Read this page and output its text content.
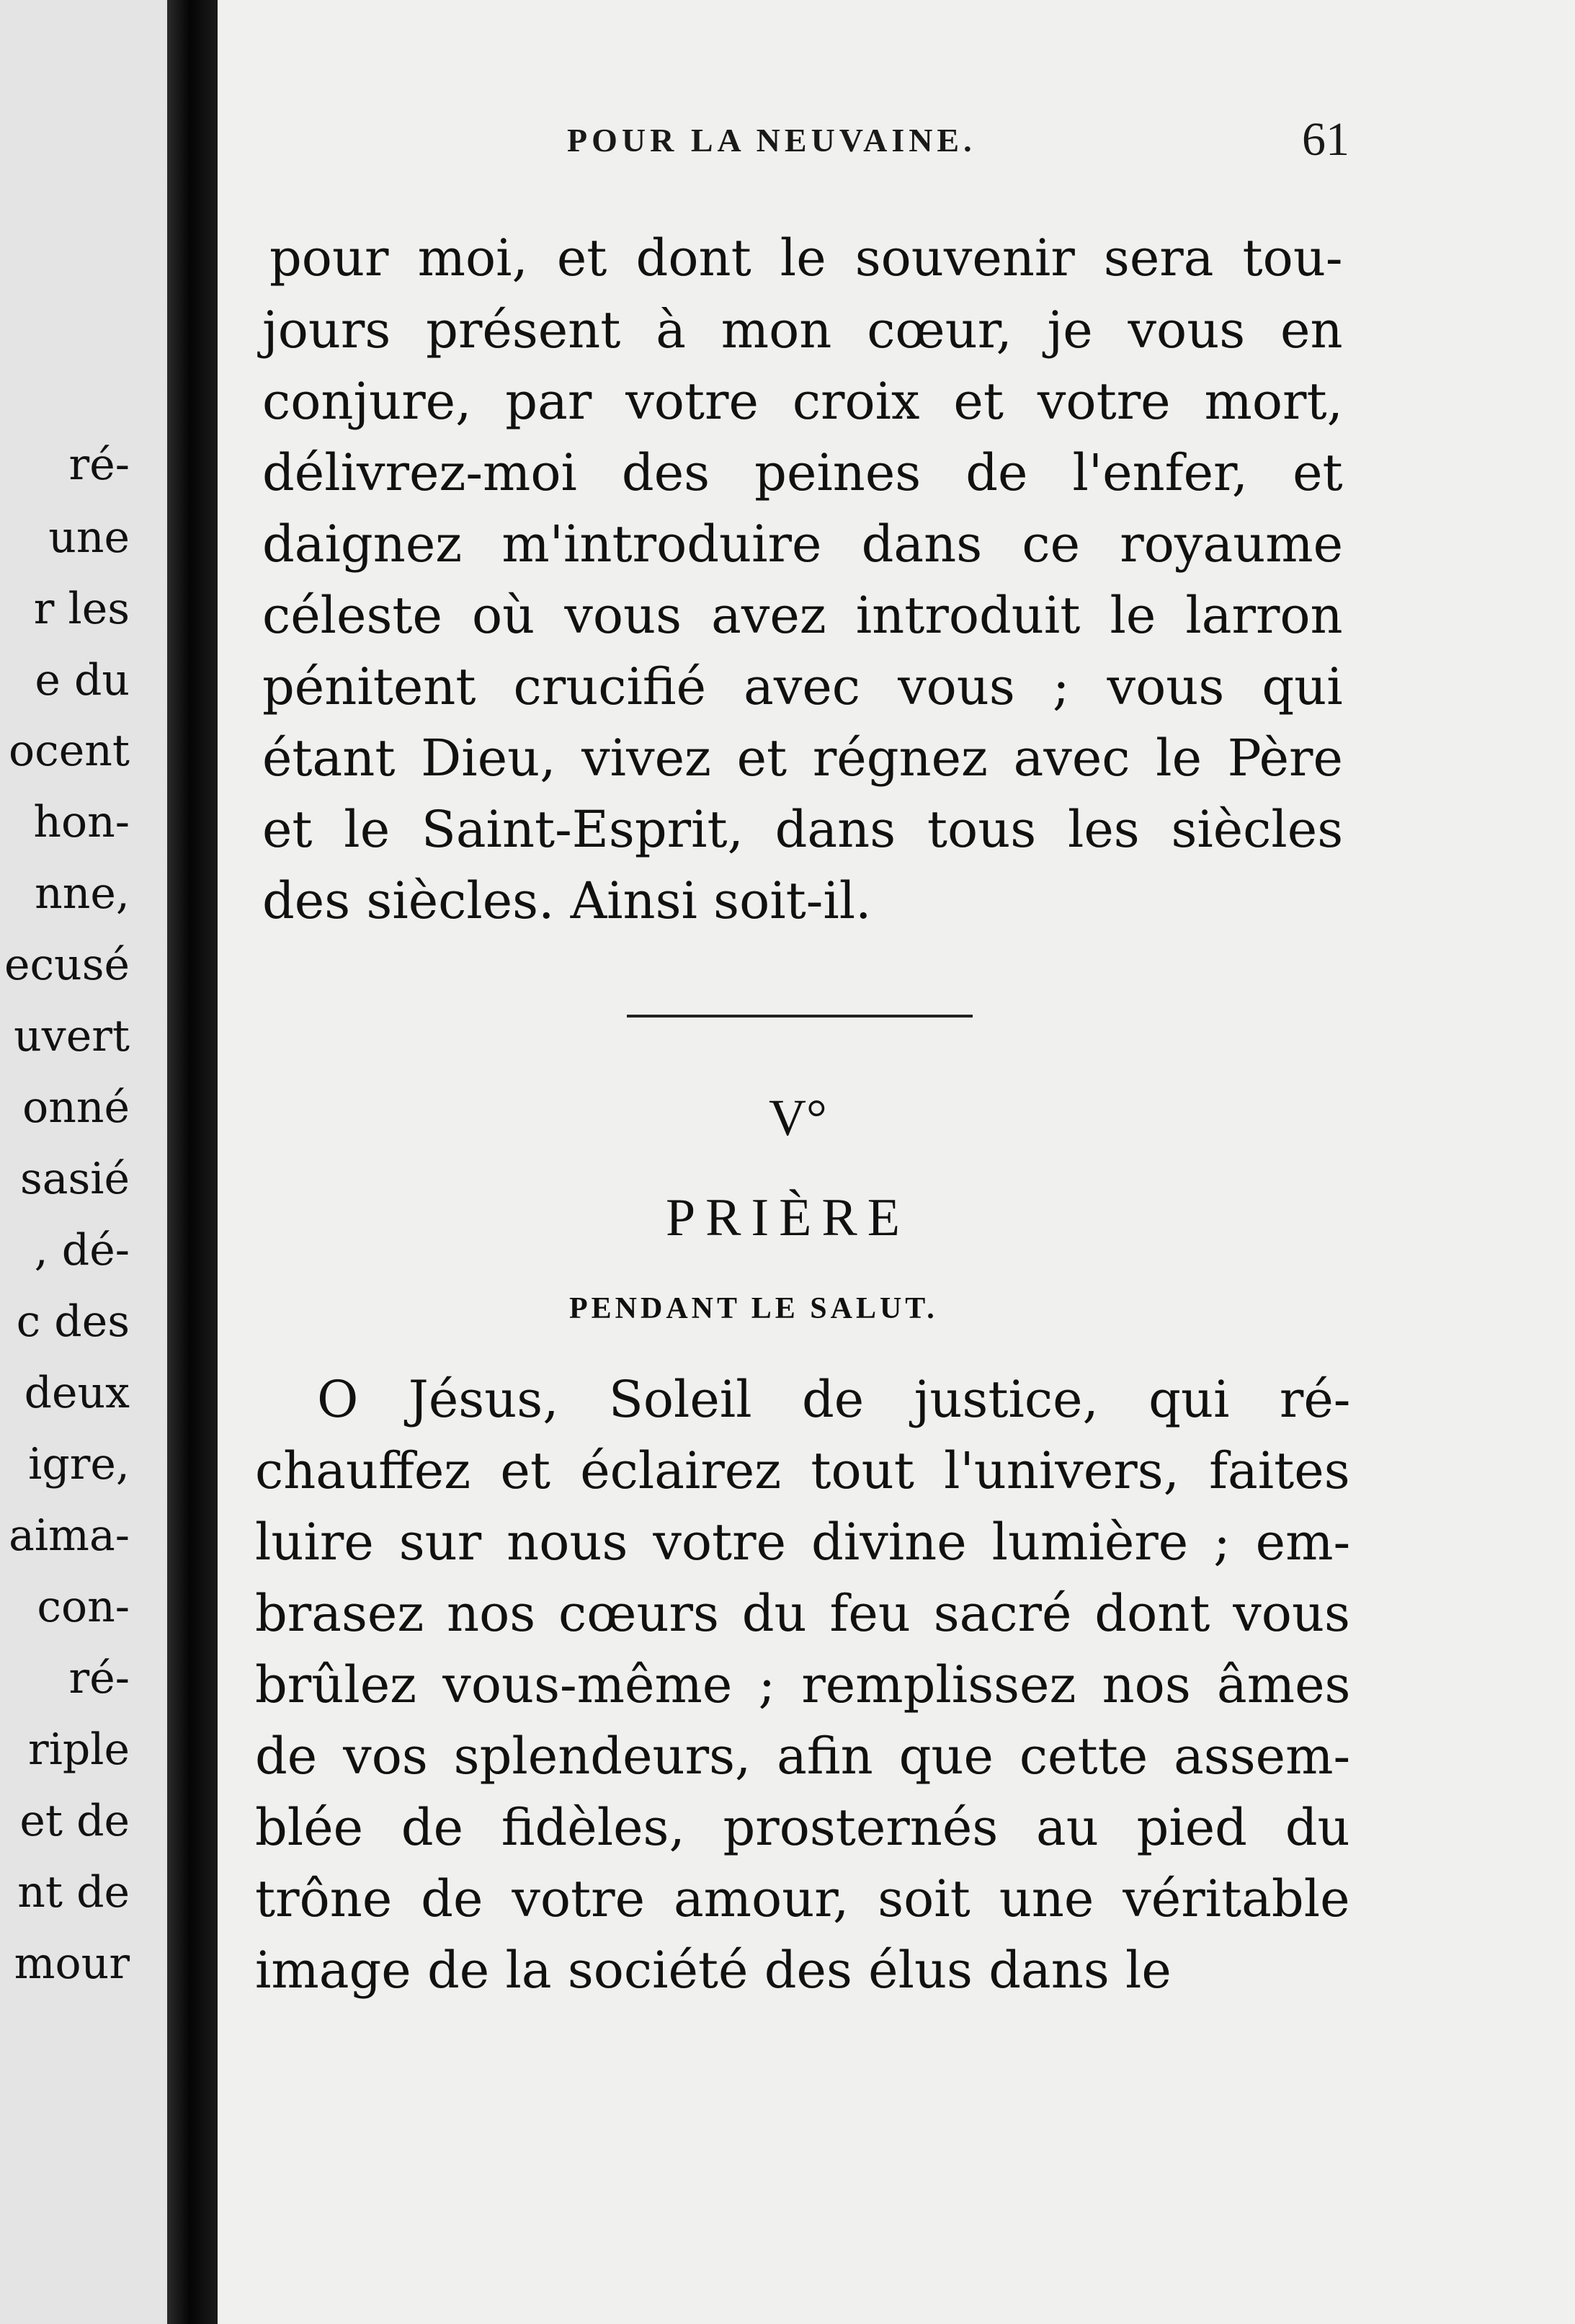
ré-
une
r les
e du
ocent
hon-
nne,
ecusé
uvert
onné
sasié
, dé-
c des
deux
igre,
aima-
con-
ré-
riple
et de
nt de
mour
POUR LA NEUVAINE.	61
pour moi, et dont le souvenir sera tou-
jours présent à mon cœur, je vous en
conjure, par votre croix et votre mort,
délivrez-moi des peines de l'enfer, et
daignez m'introduire dans ce royaume
céleste où vous avez introduit le larron
pénitent crucifié avec vous ; vous qui
étant Dieu, vivez et régnez avec le Père
et le Saint-Esprit, dans tous les siècles
des siècles. Ainsi soit-il.
V°
PRIÈRE
PENDANT LE SALUT.
O Jésus, Soleil de justice, qui ré-
chauffez et éclairez tout l'univers, faites
luire sur nous votre divine lumière ; em-
brasez nos cœurs du feu sacré dont vous
brûlez vous-même ; remplissez nos âmes
de vos splendeurs, afin que cette assem-
blée de fidèles, prosternés au pied du
trône de votre amour, soit une véritable
image de la société des élus dans le
